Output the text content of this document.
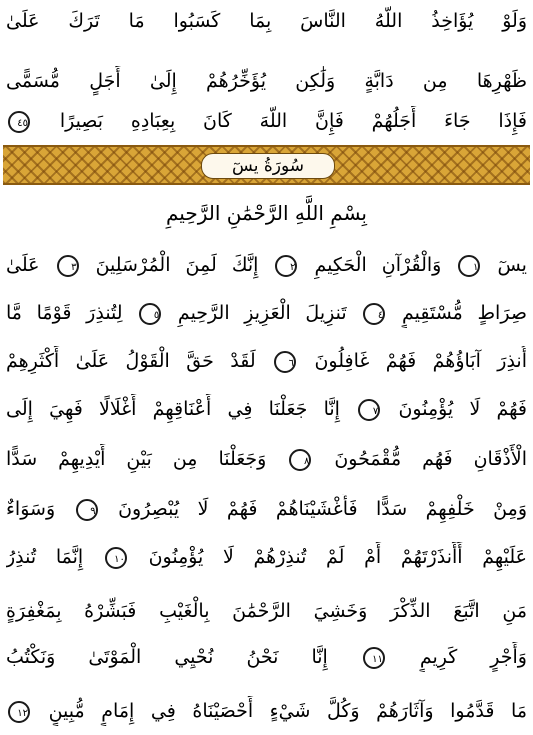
وَلَوْ يُؤَاخِذُ اللَّهُ النَّاسَ بِمَا كَسَبُوا مَا تَرَكَ عَلَىٰ
ظَهْرِهَا مِن دَابَّةٍ وَلَٰكِن يُؤَخِّرُهُمْ إِلَىٰ أَجَلٍ مُّسَمًّى
فَإِذَا جَاءَ أَجَلُهُمْ فَإِنَّ اللَّهَ كَانَ بِعِبَادِهِ بَصِيرًا ٤٥
سُورَةُ يسٓ
بِسْمِ اللَّهِ الرَّحْمَٰنِ الرَّحِيمِ
يسٓ ١ وَالْقُرْآنِ الْحَكِيمِ ٢ إِنَّكَ لَمِنَ الْمُرْسَلِينَ ٣ عَلَىٰ
صِرَاطٍ مُّسْتَقِيمٍ ٤ تَنزِيلَ الْعَزِيزِ الرَّحِيمِ ٥ لِتُنذِرَ قَوْمًا مَّا
أُنذِرَ آبَاؤُهُمْ فَهُمْ غَافِلُونَ ٦ لَقَدْ حَقَّ الْقَوْلُ عَلَىٰ أَكْثَرِهِمْ
فَهُمْ لَا يُؤْمِنُونَ ٧ إِنَّا جَعَلْنَا فِي أَعْنَاقِهِمْ أَغْلَالًا فَهِيَ إِلَى
الْأَذْقَانِ فَهُم مُّقْمَحُونَ ٨ وَجَعَلْنَا مِن بَيْنِ أَيْدِيهِمْ سَدًّا
وَمِنْ خَلْفِهِمْ سَدًّا فَأَغْشَيْنَاهُمْ فَهُمْ لَا يُبْصِرُونَ ٩ وَسَوَاءٌ
عَلَيْهِمْ أَأَنذَرْتَهُمْ أَمْ لَمْ تُنذِرْهُمْ لَا يُؤْمِنُونَ ١٠ إِنَّمَا تُنذِرُ
مَنِ اتَّبَعَ الذِّكْرَ وَخَشِيَ الرَّحْمَٰنَ بِالْغَيْبِ فَبَشِّرْهُ بِمَغْفِرَةٍ
وَأَجْرٍ كَرِيمٍ ١١ إِنَّا نَحْنُ نُحْيِي الْمَوْتَىٰ وَنَكْتُبُ
مَا قَدَّمُوا وَآثَارَهُمْ وَكُلَّ شَيْءٍ أَحْصَيْنَاهُ فِي إِمَامٍ مُّبِينٍ ١٢
